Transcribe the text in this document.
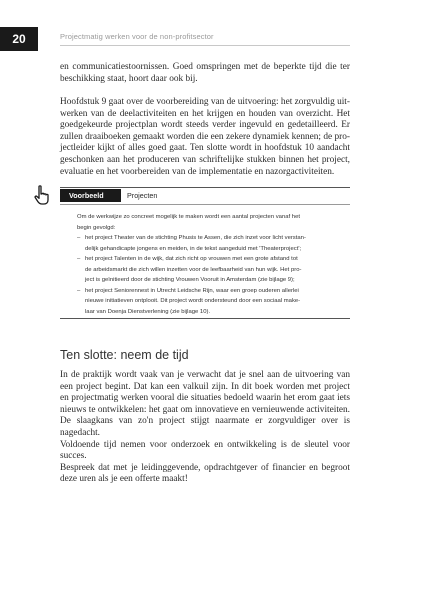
20	Projectmatig werken voor de non-profitsector

en communicatiestoornissen. Goed omspringen met de beperkte tijd die ter
beschikking staat, hoort daar ook bij.

Hoofdstuk 9 gaat over de voorbereiding van de uitvoering: het zorgvuldig uit-
werken van de deelactiviteiten en het krijgen en houden van overzicht. Het
goedgekeurde projectplan wordt steeds verder ingevuld en gedetailleerd. Er
zullen draaiboeken gemaakt worden die een zekere dynamiek kennen; de pro-
jectleider kijkt of alles goed gaat. Ten slotte wordt in hoofdstuk 10 aandacht
geschonken aan het produceren van schriftelijke stukken binnen het project,
evaluatie en het voorbereiden van de implementatie en nazorgactiviteiten.

Voorbeeld	Projecten
Om de werkwijze zo concreet mogelijk te maken wordt een aantal projecten vanaf het
begin gevolgd:
– het project Theater van de stichting Phusis te Assen, die zich inzet voor licht verstan-
delijk gehandicapte jongens en meiden, in de tekst aangeduid met 'Theaterproject';
– het project Talenten in de wijk, dat zich richt op vrouwen met een grote afstand tot
de arbeidsmarkt die zich willen inzetten voor de leefbaarheid van hun wijk. Het pro-
ject is geïnitieerd door de stichting Vrouwen Vooruit in Amsterdam (zie bijlage 9);
– het project Seniorennest in Utrecht Leidsche Rijn, waar een groep ouderen allerlei
nieuwe initiatieven ontplooit. Dit project wordt ondersteund door een sociaal make-
laar van Doenja Dienstverlening (zie bijlage 10).
Ten slotte: neem de tijd

In de praktijk wordt vaak van je verwacht dat je snel aan de uitvoering van
een project begint. Dat kan een valkuil zijn. In dit boek worden met project
en projectmatig werken vooral die situaties bedoeld waarin het erom gaat iets
nieuws te ontwikkelen: het gaat om innovatieve en vernieuwende activiteiten.
De slaagkans van zo'n project stijgt naarmate er zorgvuldiger over is nagedacht.
Voldoende tijd nemen voor onderzoek en ontwikkeling is de sleutel voor succes.
Bespreek dat met je leidinggevende, opdrachtgever of financier en begroot
deze uren als je een offerte maakt!
